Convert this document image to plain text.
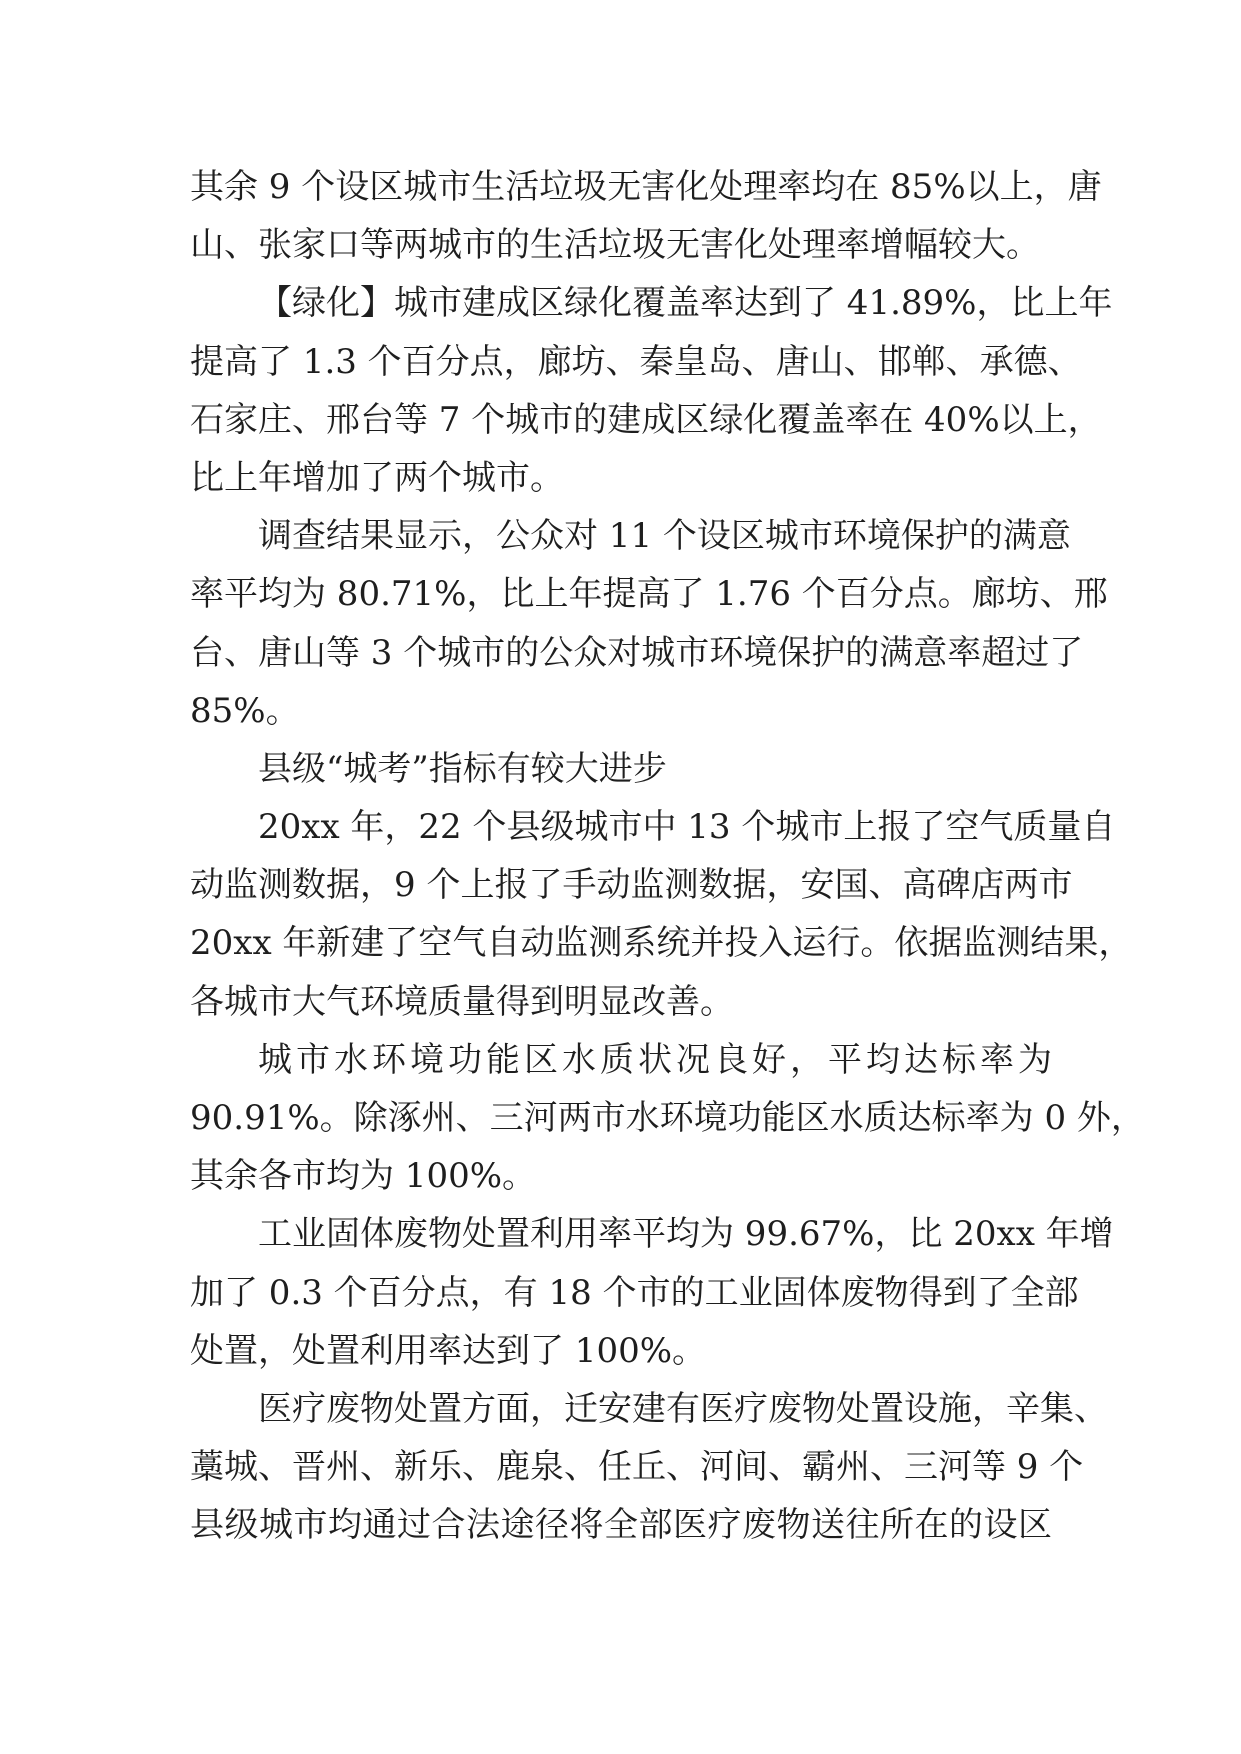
其余 9 个设区城市生活垃圾无害化处理率均在 85%以上，唐
山、张家口等两城市的生活垃圾无害化处理率增幅较大。
【绿化】城市建成区绿化覆盖率达到了 41.89%，比上年
提高了 1.3 个百分点，廊坊、秦皇岛、唐山、邯郸、承德、
石家庄、邢台等 7 个城市的建成区绿化覆盖率在 40%以上，
比上年增加了两个城市。
调查结果显示，公众对 11 个设区城市环境保护的满意
率平均为 80.71%，比上年提高了 1.76 个百分点。廊坊、邢
台、唐山等 3 个城市的公众对城市环境保护的满意率超过了
85%。
县级“城考”指标有较大进步
20xx 年，22 个县级城市中 13 个城市上报了空气质量自
动监测数据，9 个上报了手动监测数据，安国、高碑店两市
20xx 年新建了空气自动监测系统并投入运行。依据监测结果，
各城市大气环境质量得到明显改善。
城市水环境功能区水质状况良好，平均达标率为
90.91%。除涿州、三河两市水环境功能区水质达标率为 0 外，
其余各市均为 100%。
工业固体废物处置利用率平均为 99.67%，比 20xx 年增
加了 0.3 个百分点，有 18 个市的工业固体废物得到了全部
处置，处置利用率达到了 100%。
医疗废物处置方面，迁安建有医疗废物处置设施，辛集、
藁城、晋州、新乐、鹿泉、任丘、河间、霸州、三河等 9 个
县级城市均通过合法途径将全部医疗废物送往所在的设区
